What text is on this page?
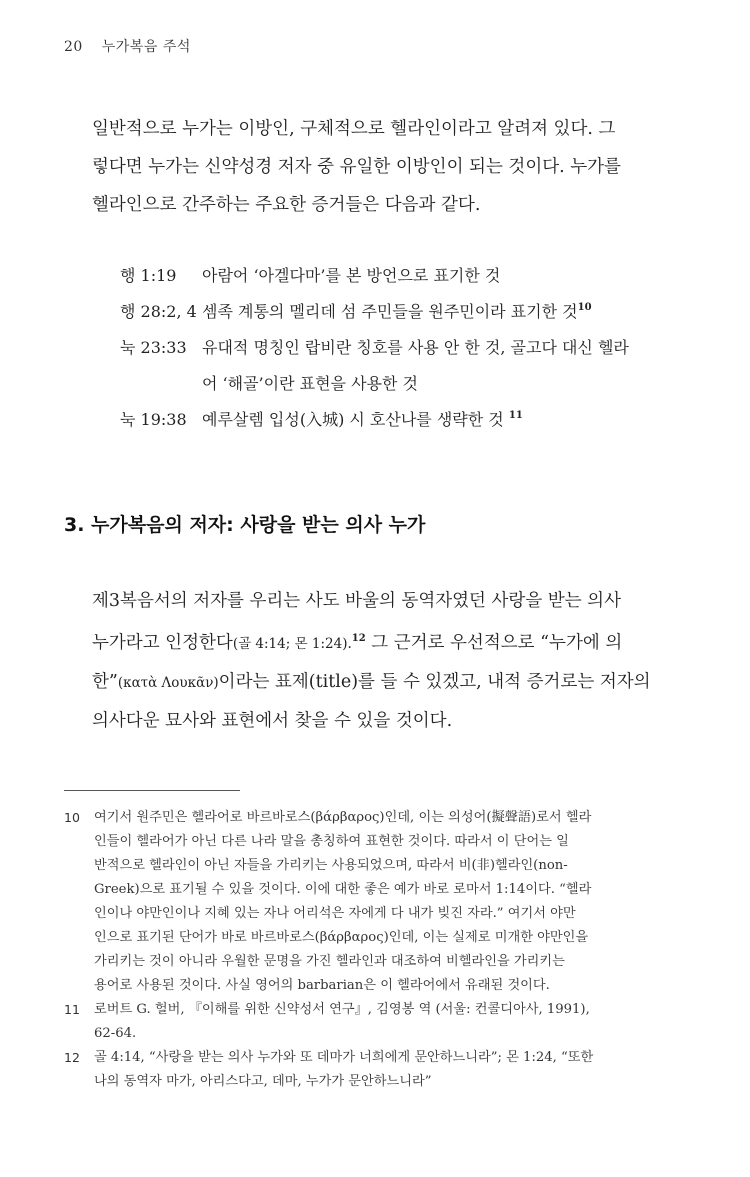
20 누가복음 주석
일반적으로 누가는 이방인, 구체적으로 헬라인이라고 알려져 있다. 그
렇다면 누가는 신약성경 저자 중 유일한 이방인이 되는 것이다. 누가를
헬라인으로 간주하는 주요한 증거들은 다음과 같다.
행 1:19	아람어 ‘아겔다마’를 본 방언으로 표기한 것
행 28:2, 4 셈족 계통의 멜리데 섬 주민들을 원주민이라 표기한 것$^{10}$
눅 23:33 유대적 명칭인 랍비란 칭호를 사용 안 한 것, 골고다 대신 헬라
어 ‘해골’이란 표현을 사용한 것
눅 19:38 예루살렘 입성(入城) 시 호산나를 생략한 것 $^{11}$
3. 누가복음의 저자: 사랑을 받는 의사 누가
제3복음서의 저자를 우리는 사도 바울의 동역자였던 사랑을 받는 의사
누가라고 인정한다(골 4:14; 몬 1:24).$^{12}$ 그 근거로 우선적으로 “누가에 의
한”(κατὰ Λουκᾶν)이라는 표제(title)를 들 수 있겠고, 내적 증거로는 저자의
의사다운 묘사와 표현에서 찾을 수 있을 것이다.
10	여기서 원주민은 헬라어로 바르바로스(βάρβαρος)인데, 이는 의성어(擬聲語)로서 헬라
인들이 헬라어가 아닌 다른 나라 말을 총칭하여 표현한 것이다. 따라서 이 단어는 일
반적으로 헬라인이 아닌 자들을 가리키는 사용되었으며, 따라서 비(非)헬라인(non-
Greek)으로 표기될 수 있을 것이다. 이에 대한 좋은 예가 바로 로마서 1:14이다. “헬라
인이나 야만인이나 지혜 있는 자나 어리석은 자에게 다 내가 빚진 자라.” 여기서 야만
인으로 표기된 단어가 바로 바르바로스(βάρβαρος)인데, 이는 실제로 미개한 야만인을
가리키는 것이 아니라 우월한 문명을 가진 헬라인과 대조하여 비헬라인을 가리키는
용어로 사용된 것이다. 사실 영어의 barbarian은 이 헬라어에서 유래된 것이다.
11	로버트 G. 헐버, 『이해를 위한 신약성서 연구』, 김영봉 역 (서울: 컨콜디아사, 1991),
62-64.
12	골 4:14, “사랑을 받는 의사 누가와 또 데마가 너희에게 문안하느니라”; 몬 1:24, “또한
나의 동역자 마가, 아리스다고, 데마, 누가가 문안하느니라”
